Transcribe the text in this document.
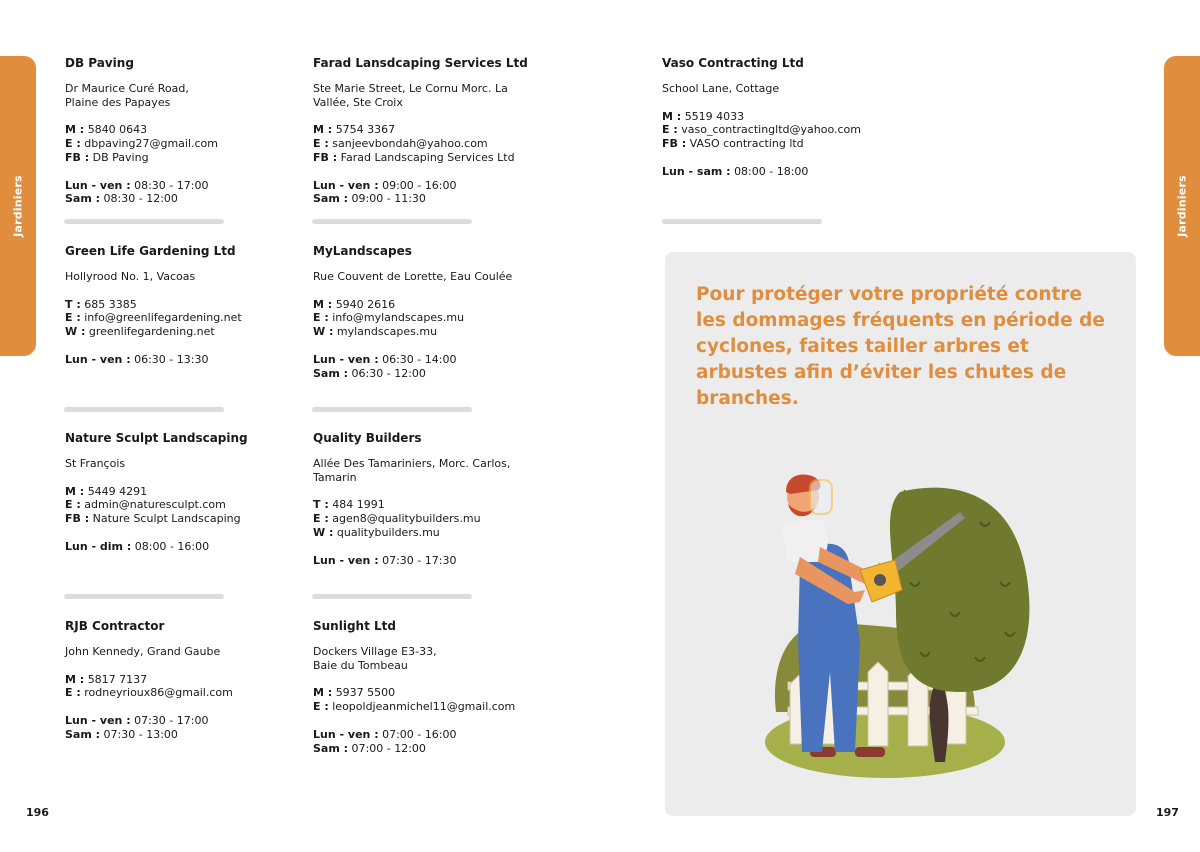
Jardiniers	Jardiniers
196	197
DB Paving
Dr Maurice Curé Road,
Plaine des Papayes
M : 5840 0643
E : dbpaving27@gmail.com
FB : DB Paving
Lun - ven : 08:30 - 17:00
Sam : 08:30 - 12:00
Farad Lansdcaping Services Ltd
Ste Marie Street, Le Cornu Morc. La
Vallée, Ste Croix
M : 5754 3367
E : sanjeevbondah@yahoo.com
FB : Farad Landscaping Services Ltd
Lun - ven : 09:00 - 16:00
Sam : 09:00 - 11:30
Vaso Contracting Ltd
School Lane, Cottage
M : 5519 4033
E : vaso_contractingltd@yahoo.com
FB : VASO contracting ltd
Lun - sam : 08:00 - 18:00
Green Life Gardening Ltd
Hollyrood No. 1, Vacoas
T : 685 3385
E : info@greenlifegardening.net
W : greenlifegardening.net
Lun - ven : 06:30 - 13:30
MyLandscapes
Rue Couvent de Lorette, Eau Coulée
M : 5940 2616
E : info@mylandscapes.mu
W : mylandscapes.mu
Lun - ven : 06:30 - 14:00
Sam : 06:30 - 12:00
Nature Sculpt Landscaping
St François
M : 5449 4291
E : admin@naturesculpt.com
FB : Nature Sculpt Landscaping
Lun - dim : 08:00 - 16:00
Quality Builders
Allée Des Tamariniers, Morc. Carlos,
Tamarin
T : 484 1991
E : agen8@qualitybuilders.mu
W : qualitybuilders.mu
Lun - ven : 07:30 - 17:30
RJB Contractor
John Kennedy, Grand Gaube
M : 5817 7137
E : rodneyrioux86@gmail.com
Lun - ven : 07:30 - 17:00
Sam : 07:30 - 13:00
Sunlight Ltd
Dockers Village E3-33,
Baie du Tombeau
M : 5937 5500
E : leopoldjeanmichel11@gmail.com
Lun - ven : 07:00 - 16:00
Sam : 07:00 - 12:00
Pour protéger votre propriété contre les dommages fréquents en période de cyclones, faites tailler arbres et arbustes afin d’éviter les chutes de branches.
